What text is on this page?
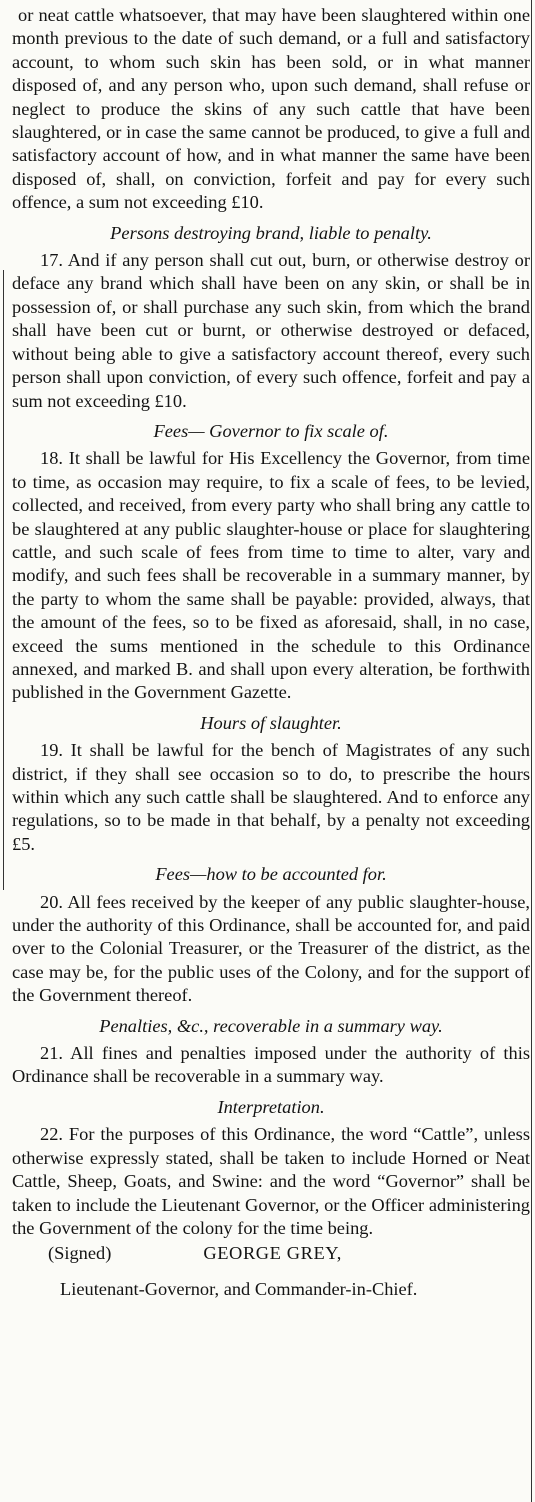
or neat cattle whatsoever, that may have been slaughtered within one month previous to the date of such demand, or a full and satisfactory account, to whom such skin has been sold, or in what manner disposed of, and any person who, upon such demand, shall refuse or neglect to produce the skins of any such cattle that have been slaughtered, or in case the same cannot be produced, to give a full and satisfactory account of how, and in what manner the same have been disposed of, shall, on conviction, forfeit and pay for every such offence, a sum not exceeding £10.

Persons destroying brand, liable to penalty.

17. And if any person shall cut out, burn, or otherwise destroy or deface any brand which shall have been on any skin, or shall be in possession of, or shall purchase any such skin, from which the brand shall have been cut or burnt, or otherwise destroyed or defaced, without being able to give a satisfactory account thereof, every such person shall upon conviction, of every such offence, forfeit and pay a sum not exceeding £10.

Fees— Governor to fix scale of.

18. It shall be lawful for His Excellency the Governor, from time to time, as occasion may require, to fix a scale of fees, to be levied, collected, and received, from every party who shall bring any cattle to be slaughtered at any public slaughter-house or place for slaughtering cattle, and such scale of fees from time to time to alter, vary and modify, and such fees shall be recoverable in a summary manner, by the party to whom the same shall be payable: provided, always, that the amount of the fees, so to be fixed as aforesaid, shall, in no case, exceed the sums mentioned in the schedule to this Ordinance annexed, and marked B. and shall upon every alteration, be forthwith published in the Government Gazette.

Hours of slaughter.

19. It shall be lawful for the bench of Magistrates of any such district, if they shall see occasion so to do, to prescribe the hours within which any such cattle shall be slaughtered. And to enforce any regulations, so to be made in that behalf, by a penalty not exceeding £5.

Fees—how to be accounted for.

20. All fees received by the keeper of any public slaughter-house, under the authority of this Ordinance, shall be accounted for, and paid over to the Colonial Treasurer, or the Treasurer of the district, as the case may be, for the public uses of the Colony, and for the support of the Government thereof.

Penalties, &c., recoverable in a summary way.

21. All fines and penalties imposed under the authority of this Ordinance shall be recoverable in a summary way.

Interpretation.

22. For the purposes of this Ordinance, the word “Cattle”, unless otherwise expressly stated, shall be taken to include Horned or Neat Cattle, Sheep, Goats, and Swine: and the word “Governor” shall be taken to include the Lieutenant Governor, or the Officer administering the Government of the colony for the time being.

(Signed)	GEORGE GREY,
Lieutenant-Governor, and Commander-in-Chief.
